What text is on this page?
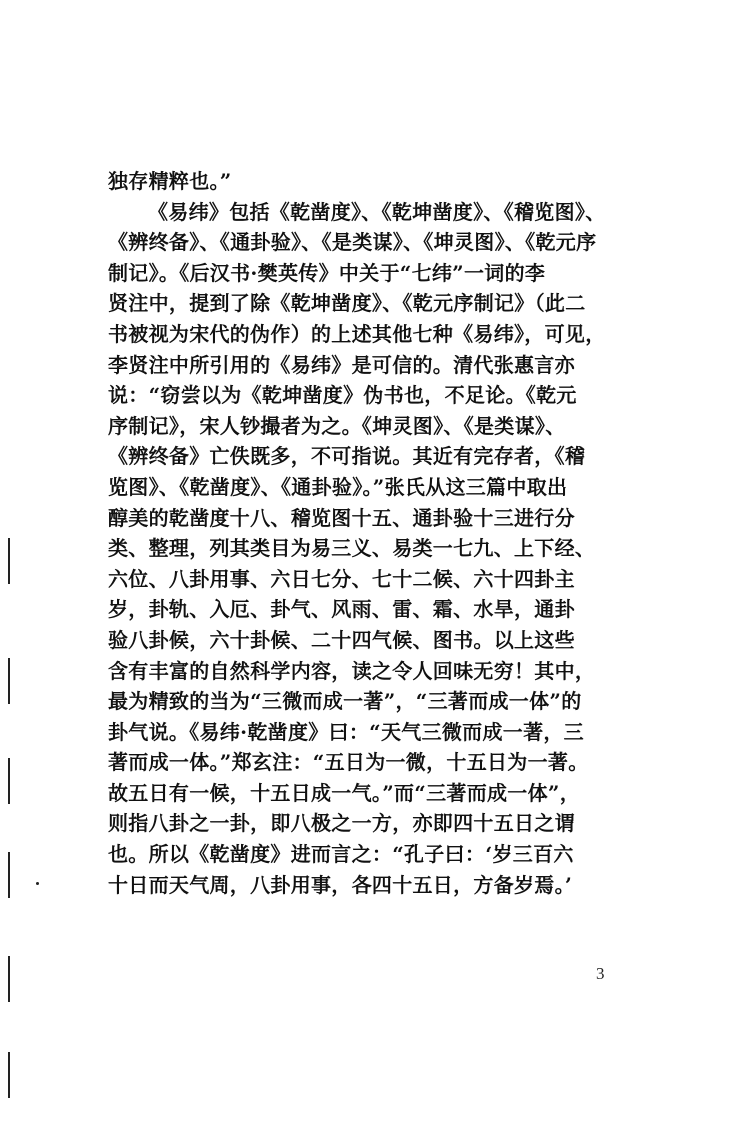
独存精粹也。”
《易纬》包括《乾凿度》、《乾坤凿度》、《稽览图》、
《辨终备》、《通卦验》、《是类谋》、《坤灵图》、《乾元序
制记》。《后汉书·樊英传》中关于“七纬”一词的李
贤注中，提到了除《乾坤凿度》、《乾元序制记》（此二
书被视为宋代的伪作）的上述其他七种《易纬》，可见，
李贤注中所引用的《易纬》是可信的。清代张惠言亦
说：“窃尝以为《乾坤凿度》伪书也，不足论。《乾元
序制记》，宋人钞撮者为之。《坤灵图》、《是类谋》、
《辨终备》亡佚既多，不可指说。其近有完存者，《稽
览图》、《乾凿度》、《通卦验》。”张氏从这三篇中取出
醇美的乾凿度十八、稽览图十五、通卦验十三进行分
类、整理，列其类目为易三义、易类一七九、上下经、
六位、八卦用事、六日七分、七十二候、六十四卦主
岁，卦轨、入厄、卦气、风雨、雷、霜、水旱，通卦
验八卦候，六十卦候、二十四气候、图书。以上这些
含有丰富的自然科学内容，读之令人回味无穷！其中，
最为精致的当为“三微而成一著”，“三著而成一体”的
卦气说。《易纬·乾凿度》曰：“天气三微而成一著，三
著而成一体。”郑玄注：“五日为一微，十五日为一著。
故五日有一候，十五日成一气。”而“三著而成一体”，
则指八卦之一卦，即八极之一方，亦即四十五日之谓
也。所以《乾凿度》进而言之：“孔子曰：‘岁三百六
十日而天气周，八卦用事，各四十五日，方备岁焉。’
3
